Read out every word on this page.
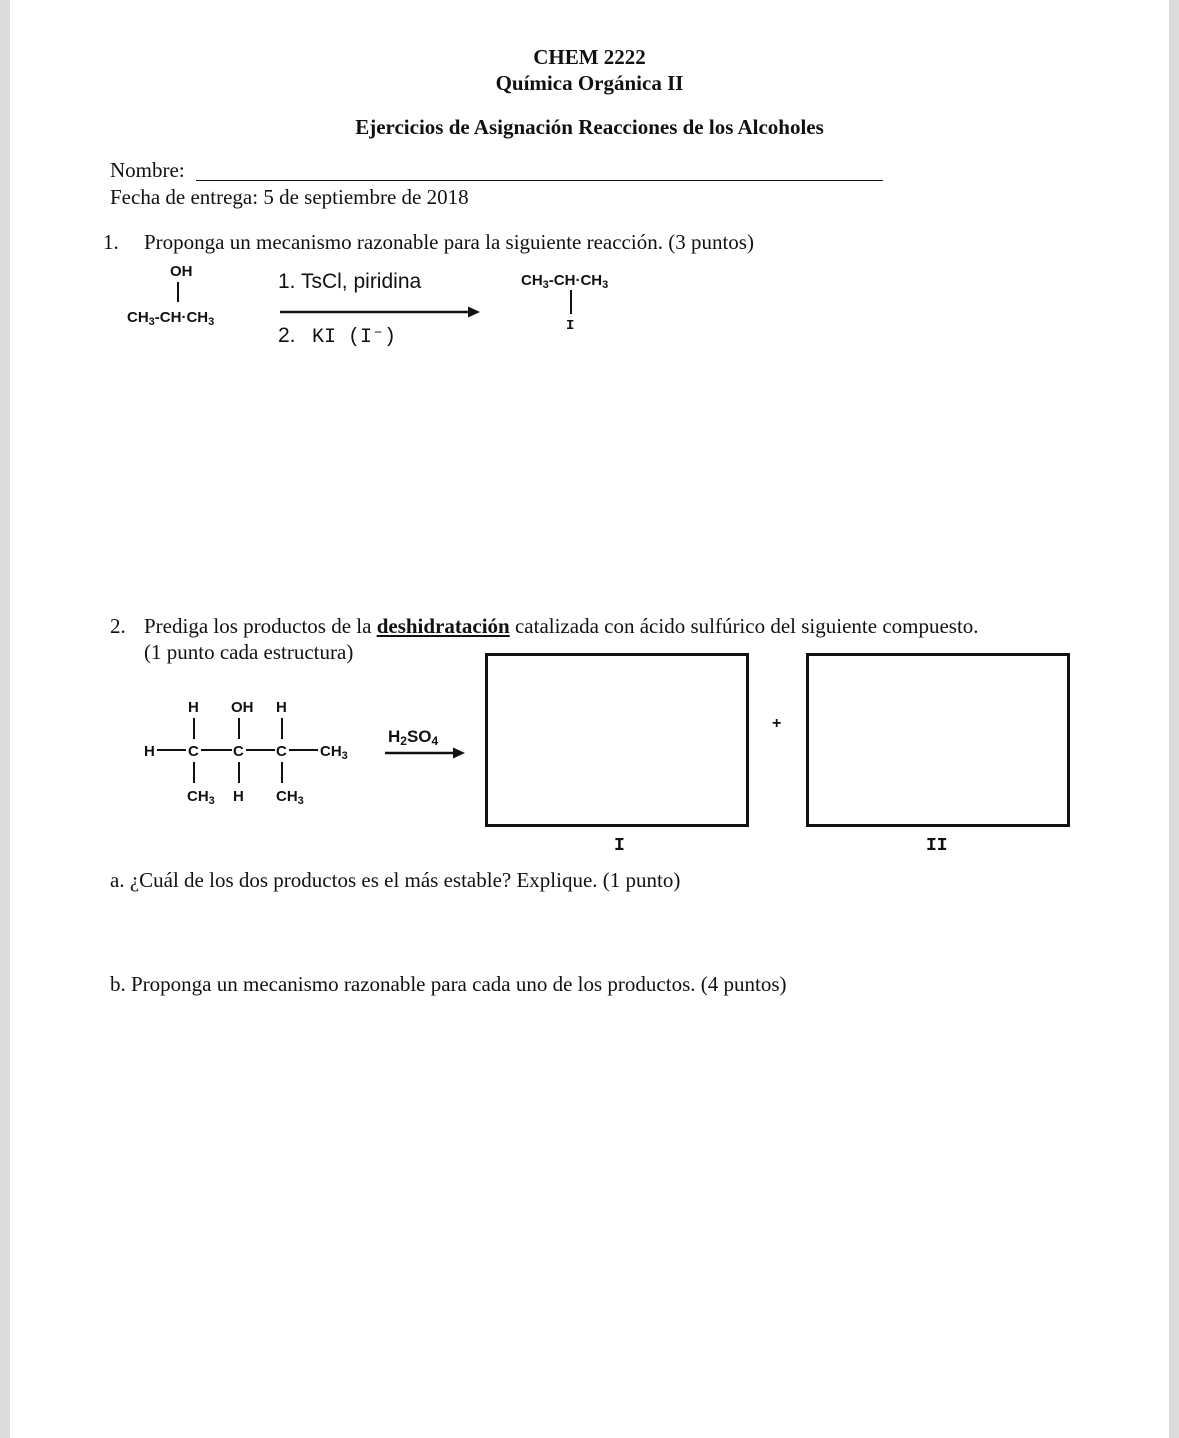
CHEM 2222
Química Orgánica II
Ejercicios de Asignación Reacciones de los Alcoholes
Nombre:
Fecha de entrega: 5 de septiembre de 2018
1. Proponga un mecanismo razonable para la siguiente reacción. (3 puntos)
OH
$CH_3-CH\cdot CH_3$
1. TsCl, piridina
2. KI (I⁻)
$CH_3-CH\cdot CH_3$
I
2. Prediga los productos de la deshidratación catalizada con ácido sulfúrico del siguiente compuesto.
(1 punto cada estructura)
H OH H
H C C C $CH_3$
$CH_3$ H $CH_3$
H2SO4
+
I	II
a. ¿Cuál de los dos productos es el más estable? Explique. (1 punto)
b. Proponga un mecanismo razonable para cada uno de los productos. (4 puntos)
